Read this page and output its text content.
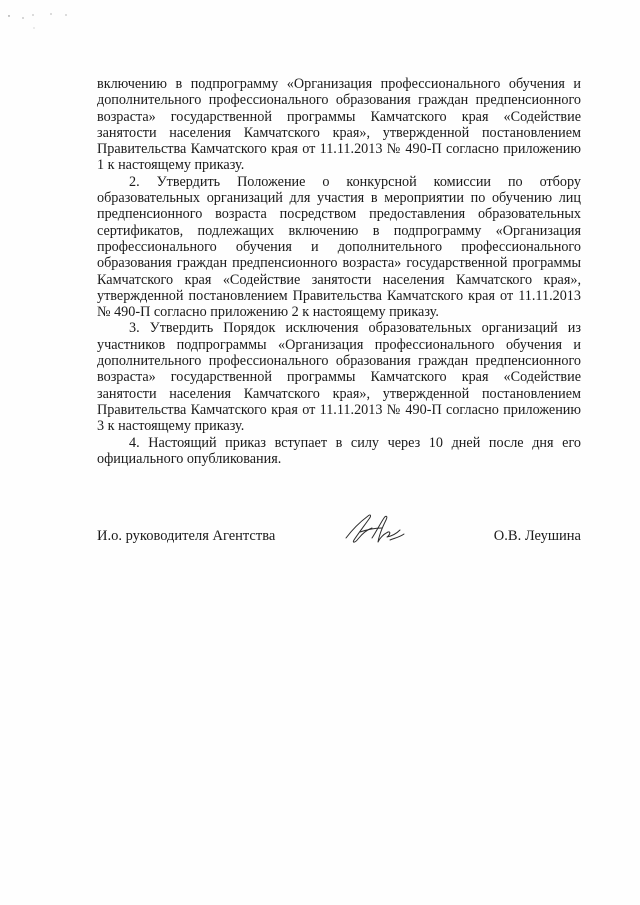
включению в подпрограмму «Организация профессионального обучения и дополнительного профессионального образования граждан предпенсионного возраста» государственной программы Камчатского края «Содействие занятости населения Камчатского края», утвержденной постановлением Правительства Камчатского края от 11.11.2013 № 490-П согласно приложению 1 к настоящему приказу.

2. Утвердить Положение о конкурсной комиссии по отбору образовательных организаций для участия в мероприятии по обучению лиц предпенсионного возраста посредством предоставления образовательных сертификатов, подлежащих включению в подпрограмму «Организация профессионального обучения и дополнительного профессионального образования граждан предпенсионного возраста» государственной программы Камчатского края «Содействие занятости населения Камчатского края», утвержденной постановлением Правительства Камчатского края от 11.11.2013 № 490-П согласно приложению 2 к настоящему приказу.

3. Утвердить Порядок исключения образовательных организаций из участников подпрограммы «Организация профессионального обучения и дополнительного профессионального образования граждан предпенсионного возраста» государственной программы Камчатского края «Содействие занятости населения Камчатского края», утвержденной постановлением Правительства Камчатского края от 11.11.2013 № 490-П согласно приложению 3 к настоящему приказу.

4. Настоящий приказ вступает в силу через 10 дней после дня его официального опубликования.

И.о. руководителя Агентства	О.В. Леушина
